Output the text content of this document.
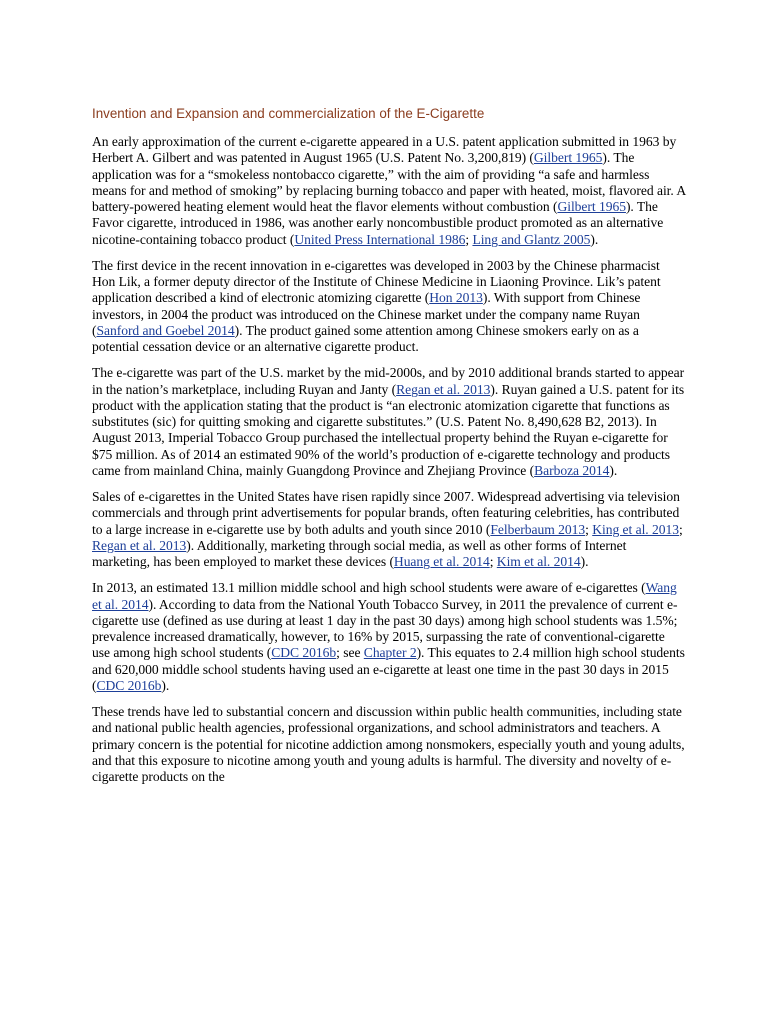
Invention and Expansion and commercialization of the E-Cigarette

An early approximation of the current e-cigarette appeared in a U.S. patent application submitted in 1963 by Herbert A. Gilbert and was patented in August 1965 (U.S. Patent No. 3,200,819) (Gilbert 1965). The application was for a “smokeless nontobacco cigarette,” with the aim of providing “a safe and harmless means for and method of smoking” by replacing burning tobacco and paper with heated, moist, flavored air. A battery-powered heating element would heat the flavor elements without combustion (Gilbert 1965). The Favor cigarette, introduced in 1986, was another early noncombustible product promoted as an alternative nicotine-containing tobacco product (United Press International 1986; Ling and Glantz 2005).

The first device in the recent innovation in e-cigarettes was developed in 2003 by the Chinese pharmacist Hon Lik, a former deputy director of the Institute of Chinese Medicine in Liaoning Province. Lik’s patent application described a kind of electronic atomizing cigarette (Hon 2013). With support from Chinese investors, in 2004 the product was introduced on the Chinese market under the company name Ruyan (Sanford and Goebel 2014). The product gained some attention among Chinese smokers early on as a potential cessation device or an alternative cigarette product.

The e-cigarette was part of the U.S. market by the mid-2000s, and by 2010 additional brands started to appear in the nation’s marketplace, including Ruyan and Janty (Regan et al. 2013). Ruyan gained a U.S. patent for its product with the application stating that the product is “an electronic atomization cigarette that functions as substitutes (sic) for quitting smoking and cigarette substitutes.” (U.S. Patent No. 8,490,628 B2, 2013). In August 2013, Imperial Tobacco Group purchased the intellectual property behind the Ruyan e-cigarette for $75 million. As of 2014 an estimated 90% of the world’s production of e-cigarette technology and products came from mainland China, mainly Guangdong Province and Zhejiang Province (Barboza 2014).

Sales of e-cigarettes in the United States have risen rapidly since 2007. Widespread advertising via television commercials and through print advertisements for popular brands, often featuring celebrities, has contributed to a large increase in e-cigarette use by both adults and youth since 2010 (Felberbaum 2013; King et al. 2013; Regan et al. 2013). Additionally, marketing through social media, as well as other forms of Internet marketing, has been employed to market these devices (Huang et al. 2014; Kim et al. 2014).

In 2013, an estimated 13.1 million middle school and high school students were aware of e-cigarettes (Wang et al. 2014). According to data from the National Youth Tobacco Survey, in 2011 the prevalence of current e-cigarette use (defined as use during at least 1 day in the past 30 days) among high school students was 1.5%; prevalence increased dramatically, however, to 16% by 2015, surpassing the rate of conventional-cigarette use among high school students (CDC 2016b; see Chapter 2). This equates to 2.4 million high school students and 620,000 middle school students having used an e-cigarette at least one time in the past 30 days in 2015 (CDC 2016b).

These trends have led to substantial concern and discussion within public health communities, including state and national public health agencies, professional organizations, and school administrators and teachers. A primary concern is the potential for nicotine addiction among nonsmokers, especially youth and young adults, and that this exposure to nicotine among youth and young adults is harmful. The diversity and novelty of e-cigarette products on the
